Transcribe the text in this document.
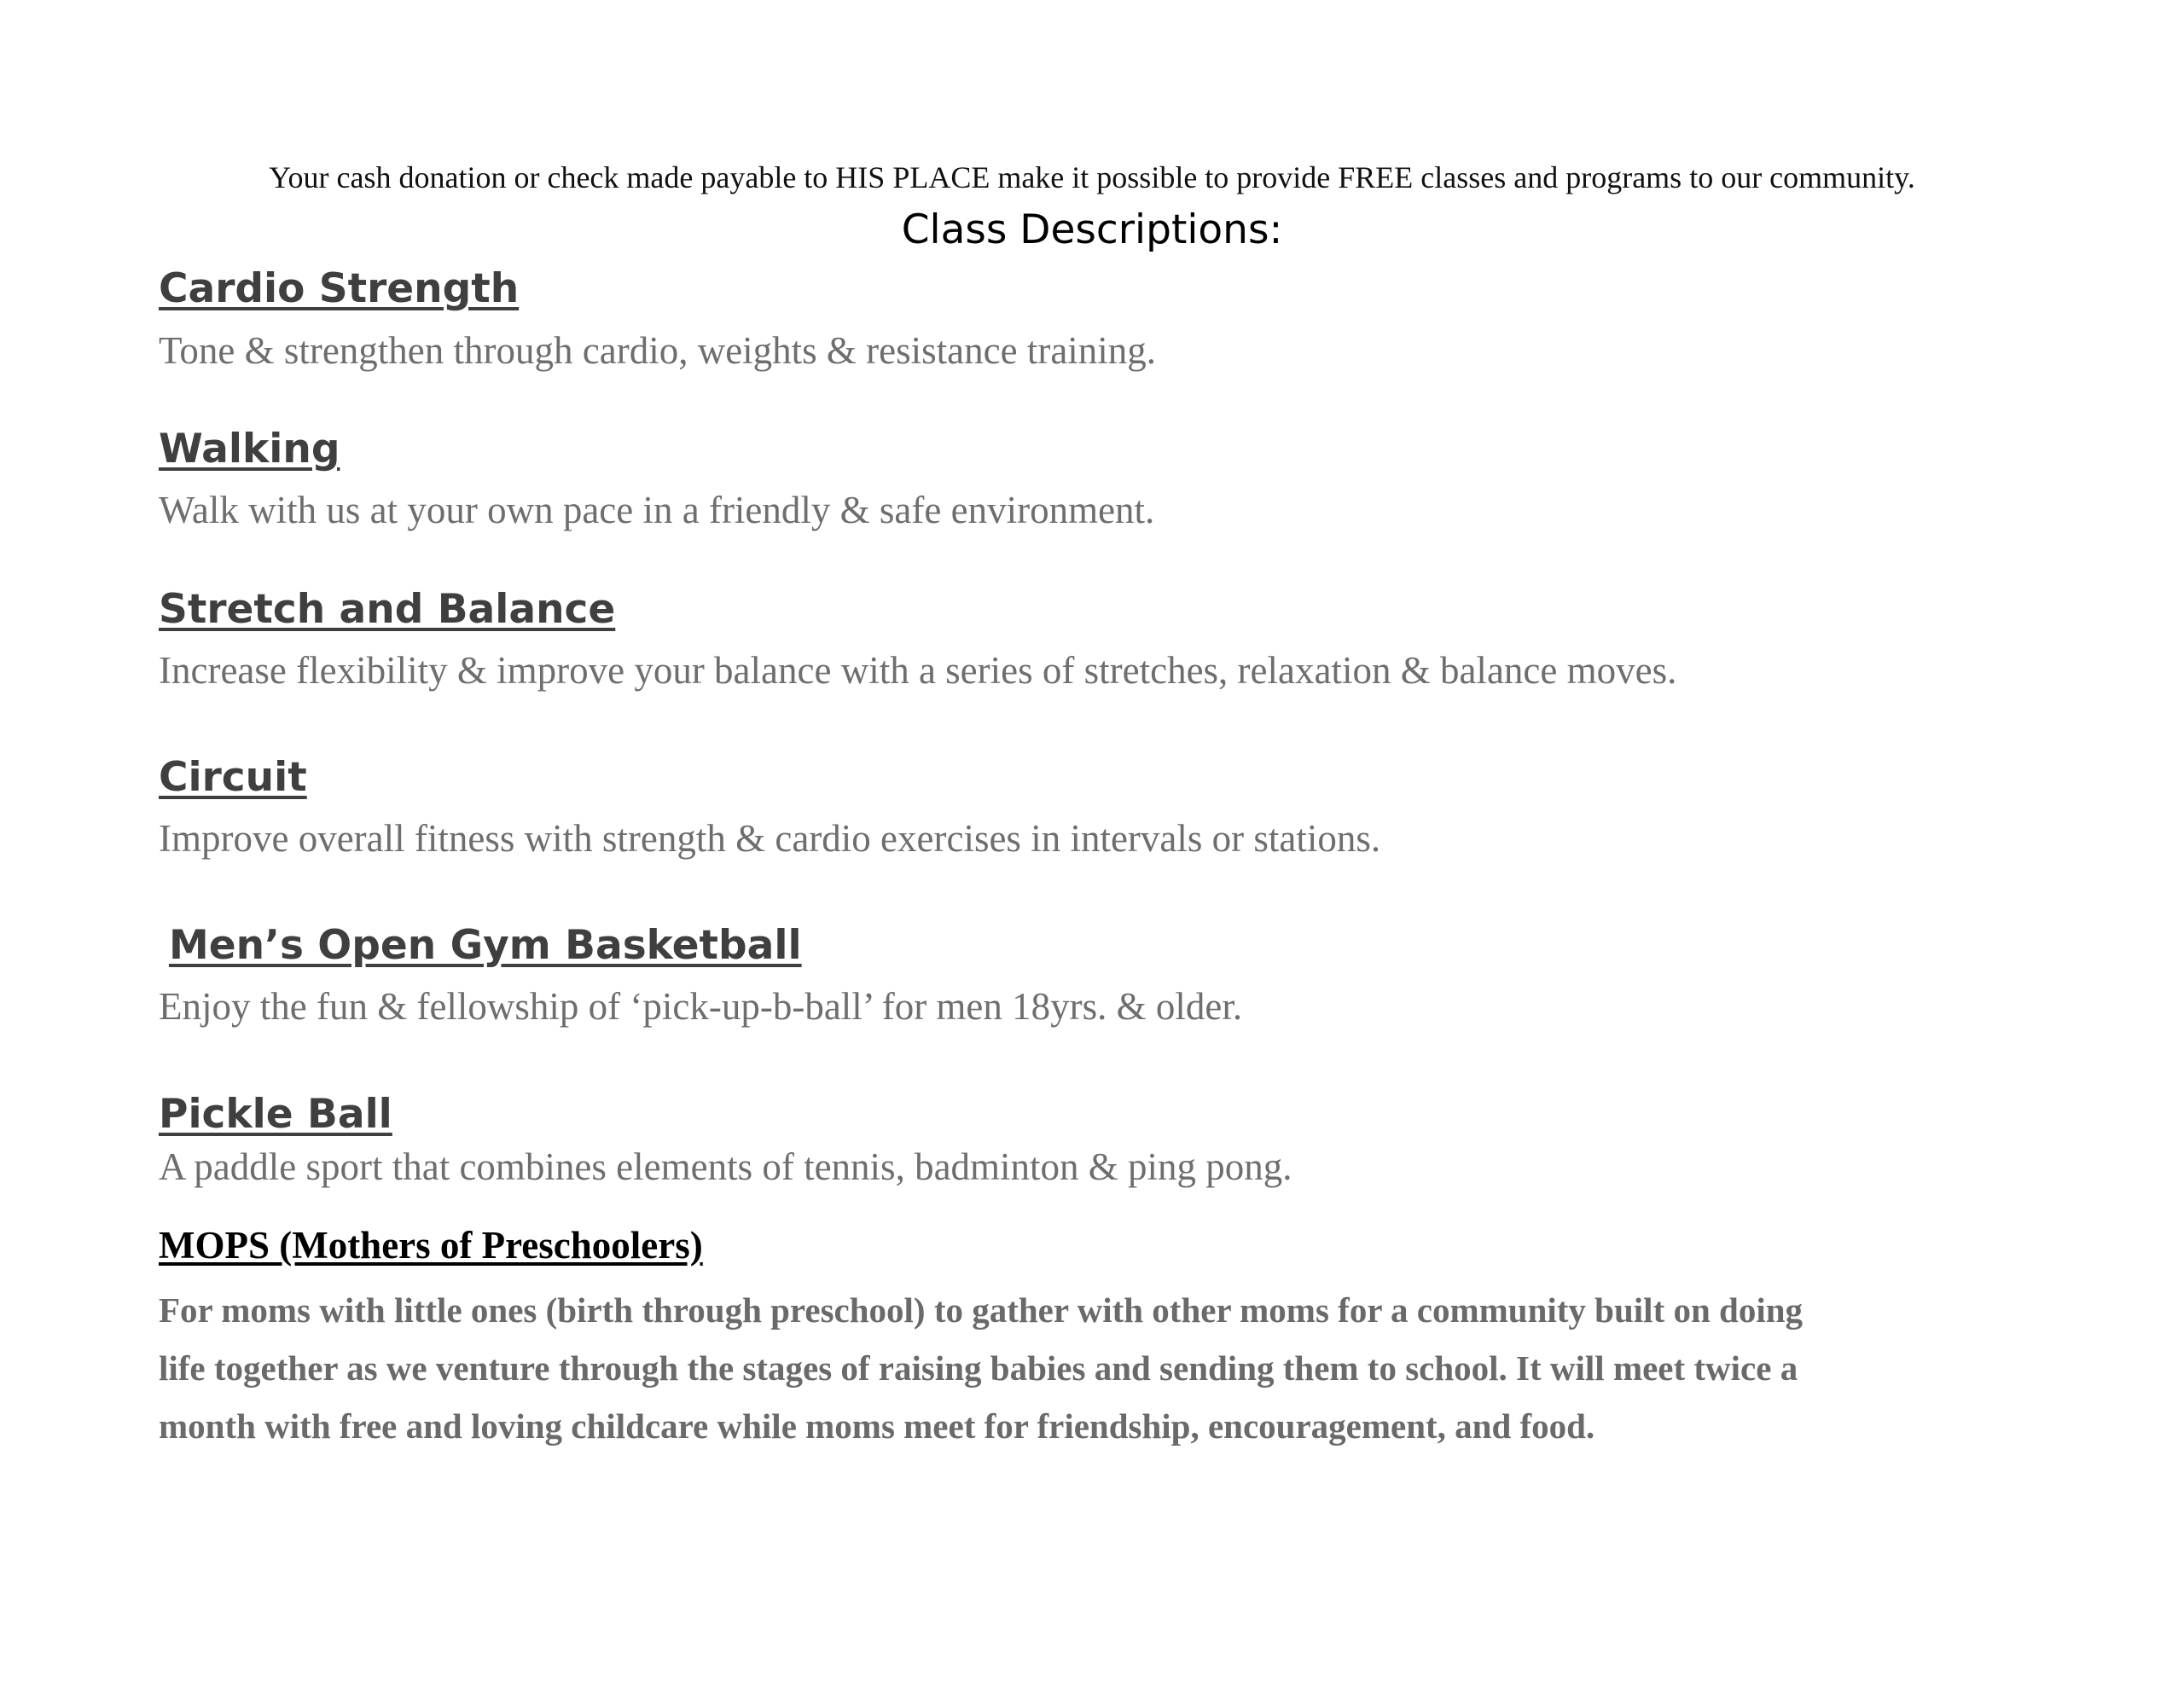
Your cash donation or check made payable to HIS PLACE make it possible to provide FREE classes and programs to our community.
Class Descriptions:
Cardio Strength
Tone & strengthen through cardio, weights & resistance training.
Walking
Walk with us at your own pace in a friendly & safe environment.
Stretch and Balance
Increase flexibility & improve your balance with a series of stretches, relaxation & balance moves.
Circuit
Improve overall fitness with strength & cardio exercises in intervals or stations.
Men’s Open Gym Basketball
Enjoy the fun & fellowship of ‘pick-up-b-ball’ for men 18yrs. & older.
Pickle Ball
A paddle sport that combines elements of tennis, badminton & ping pong.
MOPS (Mothers of Preschoolers)
For moms with little ones (birth through preschool) to gather with other moms for a community built on doing
life together as we venture through the stages of raising babies and sending them to school. It will meet twice a
month with free and loving childcare while moms meet for friendship, encouragement, and food.
